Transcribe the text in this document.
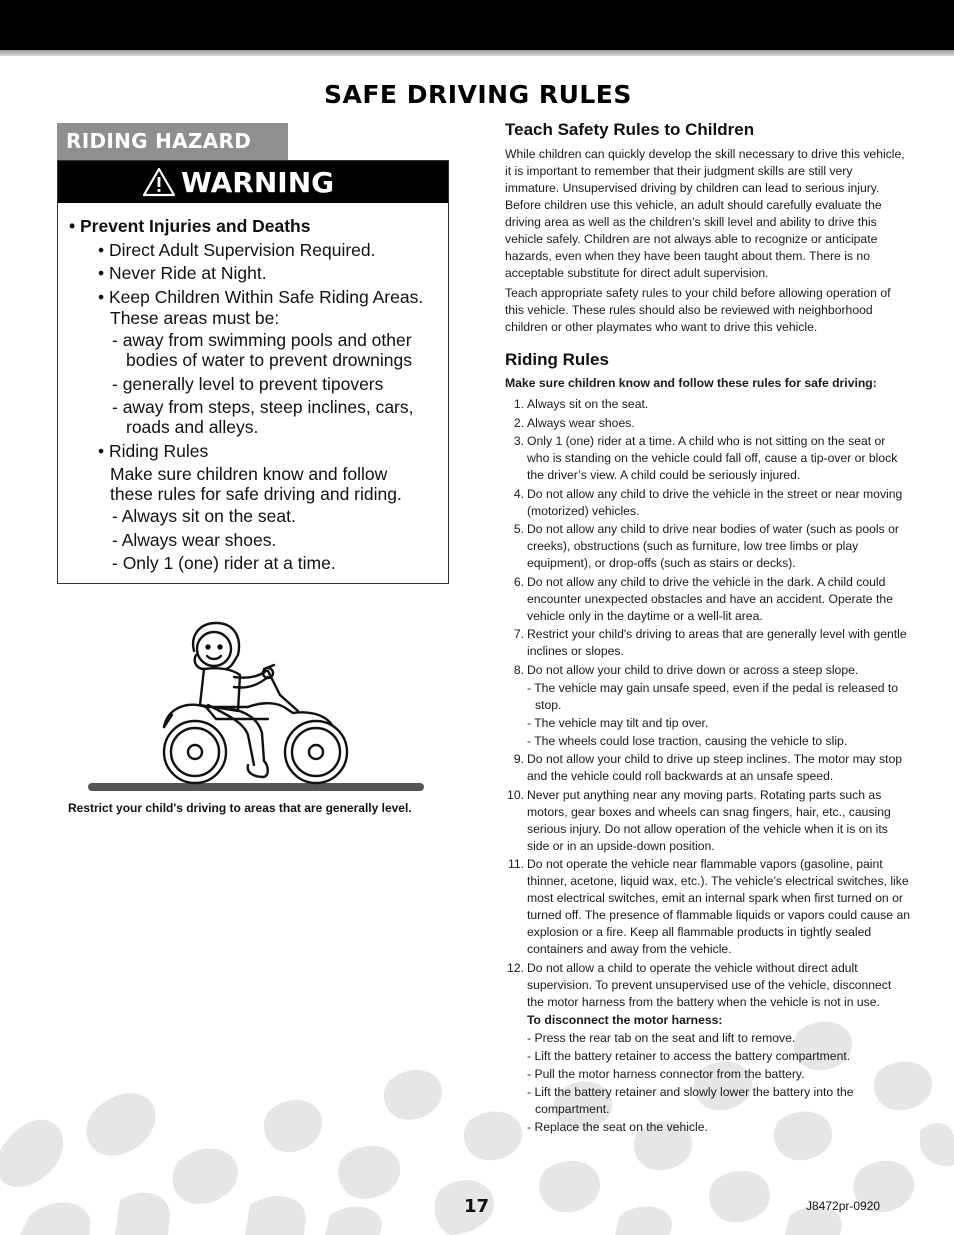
SAFE DRIVING RULES
RIDING HAZARD
WARNING
• Prevent Injuries and Deaths
• Direct Adult Supervision Required.
• Never Ride at Night.
• Keep Children Within Safe Riding Areas.
These areas must be:
- away from swimming pools and other
bodies of water to prevent drownings
- generally level to prevent tipovers
- away from steps, steep inclines, cars,
roads and alleys.
• Riding Rules
Make sure children know and follow
these rules for safe driving and riding.
- Always sit on the seat.
- Always wear shoes.
- Only 1 (one) rider at a time.

Restrict your child's driving to areas that are generally level.

Teach Safety Rules to Children

While children can quickly develop the skill necessary to drive this vehicle, it is important to remember that their judgment skills are still very immature. Unsupervised driving by children can lead to serious injury. Before children use this vehicle, an adult should carefully evaluate the driving area as well as the children’s skill level and ability to drive this vehicle safely. Children are not always able to recognize or anticipate hazards, even when they have been taught about them. There is no acceptable substitute for direct adult supervision.

Teach appropriate safety rules to your child before allowing operation of this vehicle. These rules should also be reviewed with neighborhood children or other playmates who want to drive this vehicle.

Riding Rules

Make sure children know and follow these rules for safe driving:

1. Always sit on the seat.
2. Always wear shoes.
3. Only 1 (one) rider at a time. A child who is not sitting on the seat or who is standing on the vehicle could fall off, cause a tip-over or block the driver’s view. A child could be seriously injured.
4. Do not allow any child to drive the vehicle in the street or near moving (motorized) vehicles.
5. Do not allow any child to drive near bodies of water (such as pools or creeks), obstructions (such as furniture, low tree limbs or play equipment), or drop-offs (such as stairs or decks).
6. Do not allow any child to drive the vehicle in the dark. A child could encounter unexpected obstacles and have an accident. Operate the vehicle only in the daytime or a well-lit area.
7. Restrict your child's driving to areas that are generally level with gentle inclines or slopes.
8. Do not allow your child to drive down or across a steep slope.
- The vehicle may gain unsafe speed, even if the pedal is released to stop.
- The vehicle may tilt and tip over.
- The wheels could lose traction, causing the vehicle to slip.
9. Do not allow your child to drive up steep inclines. The motor may stop and the vehicle could roll backwards at an unsafe speed.
10. Never put anything near any moving parts. Rotating parts such as motors, gear boxes and wheels can snag fingers, hair, etc., causing serious injury. Do not allow operation of the vehicle when it is on its side or in an upside-down position.
11. Do not operate the vehicle near flammable vapors (gasoline, paint thinner, acetone, liquid wax, etc.). The vehicle’s electrical switches, like most electrical switches, emit an internal spark when first turned on or turned off. The presence of flammable liquids or vapors could cause an explosion or a fire. Keep all flammable products in tightly sealed containers and away from the vehicle.
12. Do not allow a child to operate the vehicle without direct adult supervision. To prevent unsupervised use of the vehicle, disconnect the motor harness from the battery when the vehicle is not in use.
To disconnect the motor harness:
- Press the rear tab on the seat and lift to remove.
- Lift the battery retainer to access the battery compartment.
- Pull the motor harness connector from the battery.
- Lift the battery retainer and slowly lower the battery into the compartment.
- Replace the seat on the vehicle.

17	J8472pr-0920
